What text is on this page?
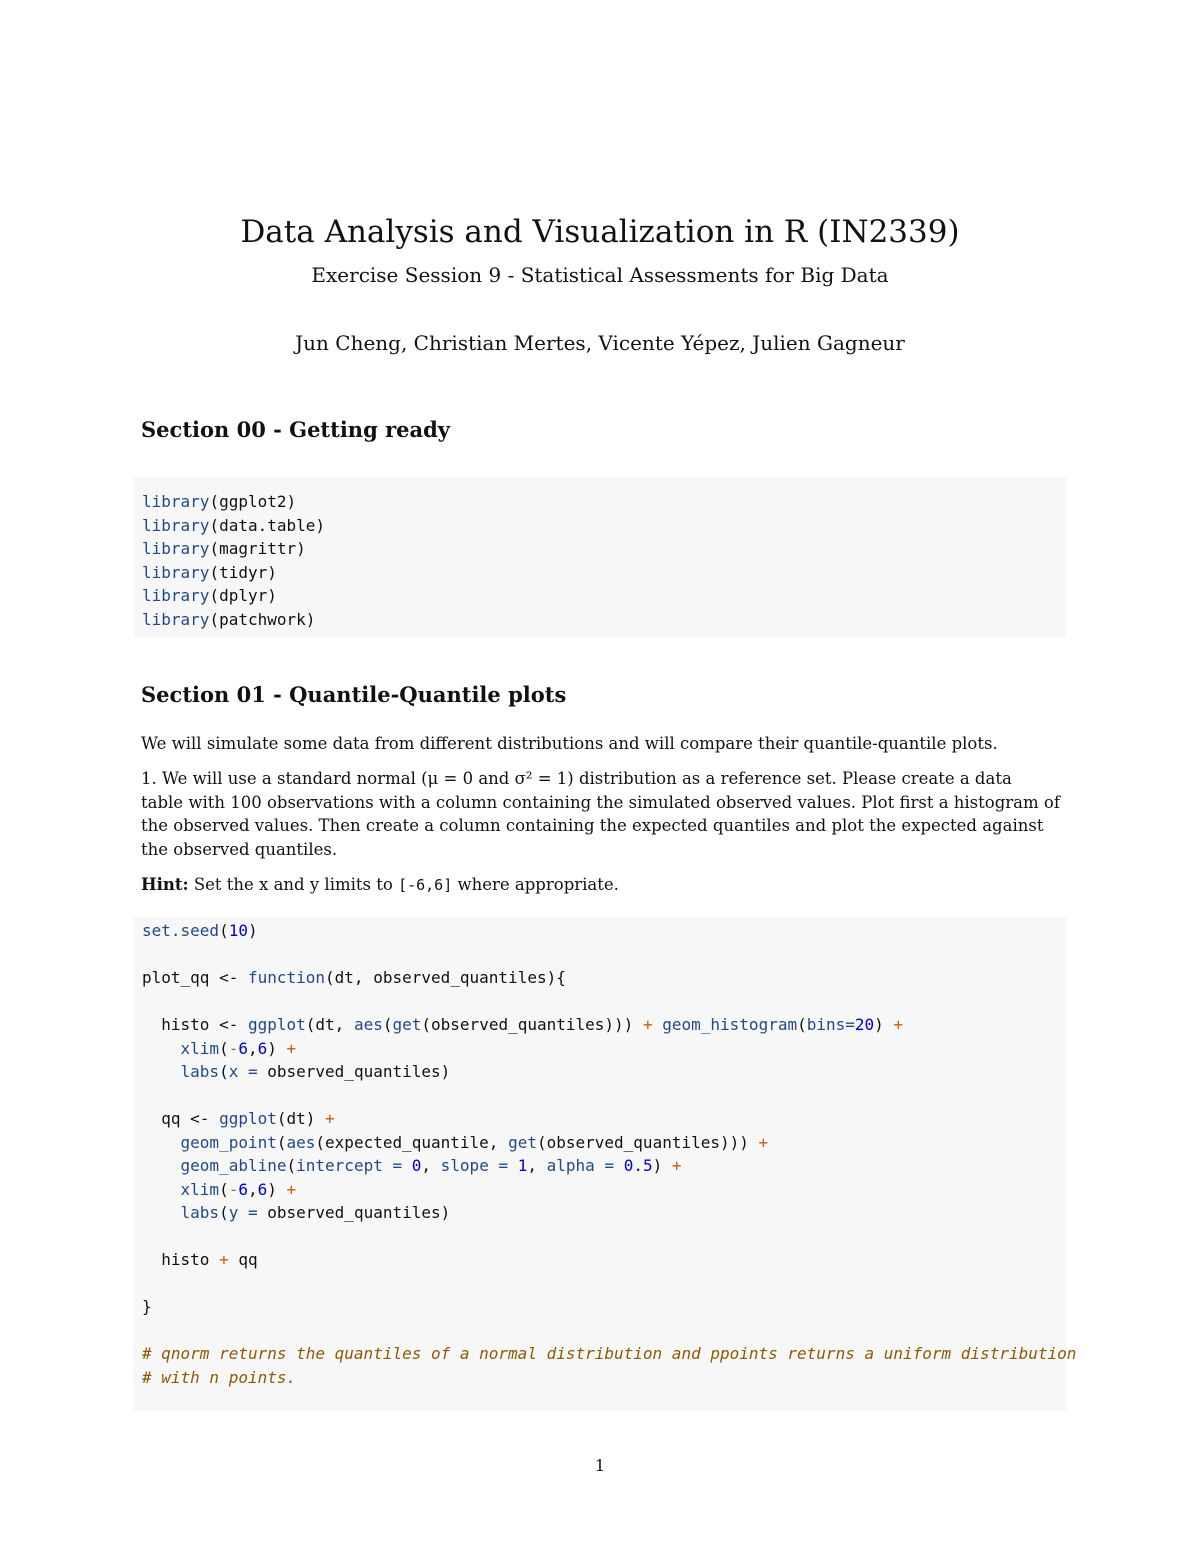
Data Analysis and Visualization in R (IN2339)
Exercise Session 9 - Statistical Assessments for Big Data
Jun Cheng, Christian Mertes, Vicente Yépez, Julien Gagneur
Section 00 - Getting ready
library(ggplot2)
library(data.table)
library(magrittr)
library(tidyr)
library(dplyr)
library(patchwork)
Section 01 - Quantile-Quantile plots
We will simulate some data from different distributions and will compare their quantile-quantile plots.
1. We will use a standard normal (μ = 0 and σ² = 1) distribution as a reference set. Please create a data
table with 100 observations with a column containing the simulated observed values. Plot first a histogram of
the observed values. Then create a column containing the expected quantiles and plot the expected against
the observed quantiles.
Hint: Set the x and y limits to [-6,6] where appropriate.
set.seed(10)

plot_qq <- function(dt, observed_quantiles){

histo <- ggplot(dt, aes(get(observed_quantiles))) + geom_histogram(bins=20) +
xlim(-6,6) +
labs(x = observed_quantiles)

qq <- ggplot(dt) +
geom_point(aes(expected_quantile, get(observed_quantiles))) +
geom_abline(intercept = 0, slope = 1, alpha = 0.5) +
xlim(-6,6) +
labs(y = observed_quantiles)

histo + qq

}

# qnorm returns the quantiles of a normal distribution and ppoints returns a uniform distribution
# with n points.
1
